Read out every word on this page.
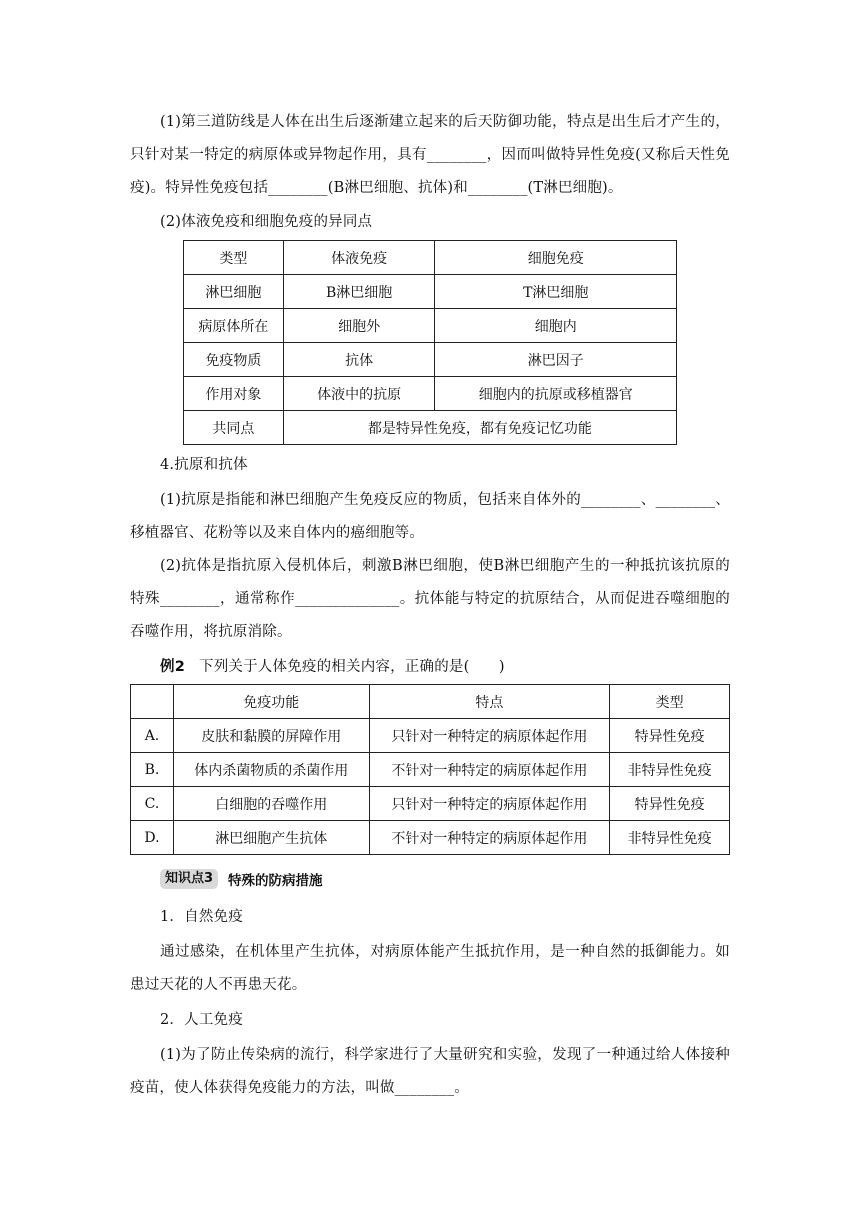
(1)第三道防线是人体在出生后逐渐建立起来的后天防御功能，特点是出生后才产生的，只针对某一特定的病原体或异物起作用，具有________，因而叫做特异性免疫(又称后天性免疫)。特异性免疫包括________(B淋巴细胞、抗体)和________(T淋巴细胞)。

(2)体液免疫和细胞免疫的异同点

类型	体液免疫	细胞免疫
淋巴细胞	B淋巴细胞	T淋巴细胞
病原体所在	细胞外	细胞内
免疫物质	抗体	淋巴因子
作用对象	体液中的抗原	细胞内的抗原或移植器官
共同点	都是特异性免疫，都有免疫记忆功能	

4.抗原和抗体

(1)抗原是指能和淋巴细胞产生免疫反应的物质，包括来自体外的________、________、移植器官、花粉等以及来自体内的癌细胞等。

(2)抗体是指抗原入侵机体后，刺激B淋巴细胞，使B淋巴细胞产生的一种抵抗该抗原的特殊________，通常称作______________。抗体能与特定的抗原结合，从而促进吞噬细胞的吞噬作用，将抗原消除。

例2 下列关于人体免疫的相关内容，正确的是(　　)

	免疫功能	特点	类型
A.	皮肤和黏膜的屏障作用	只针对一种特定的病原体起作用	特异性免疫
B.	体内杀菌物质的杀菌作用	不针对一种特定的病原体起作用	非特异性免疫
C.	白细胞的吞噬作用	只针对一种特定的病原体起作用	特异性免疫
D.	淋巴细胞产生抗体	不针对一种特定的病原体起作用	非特异性免疫
知识点3	特殊的防病措施

1．自然免疫

通过感染，在机体里产生抗体，对病原体能产生抵抗作用，是一种自然的抵御能力。如患过天花的人不再患天花。

2．人工免疫

(1)为了防止传染病的流行，科学家进行了大量研究和实验，发现了一种通过给人体接种疫苗，使人体获得免疫能力的方法，叫做________。
